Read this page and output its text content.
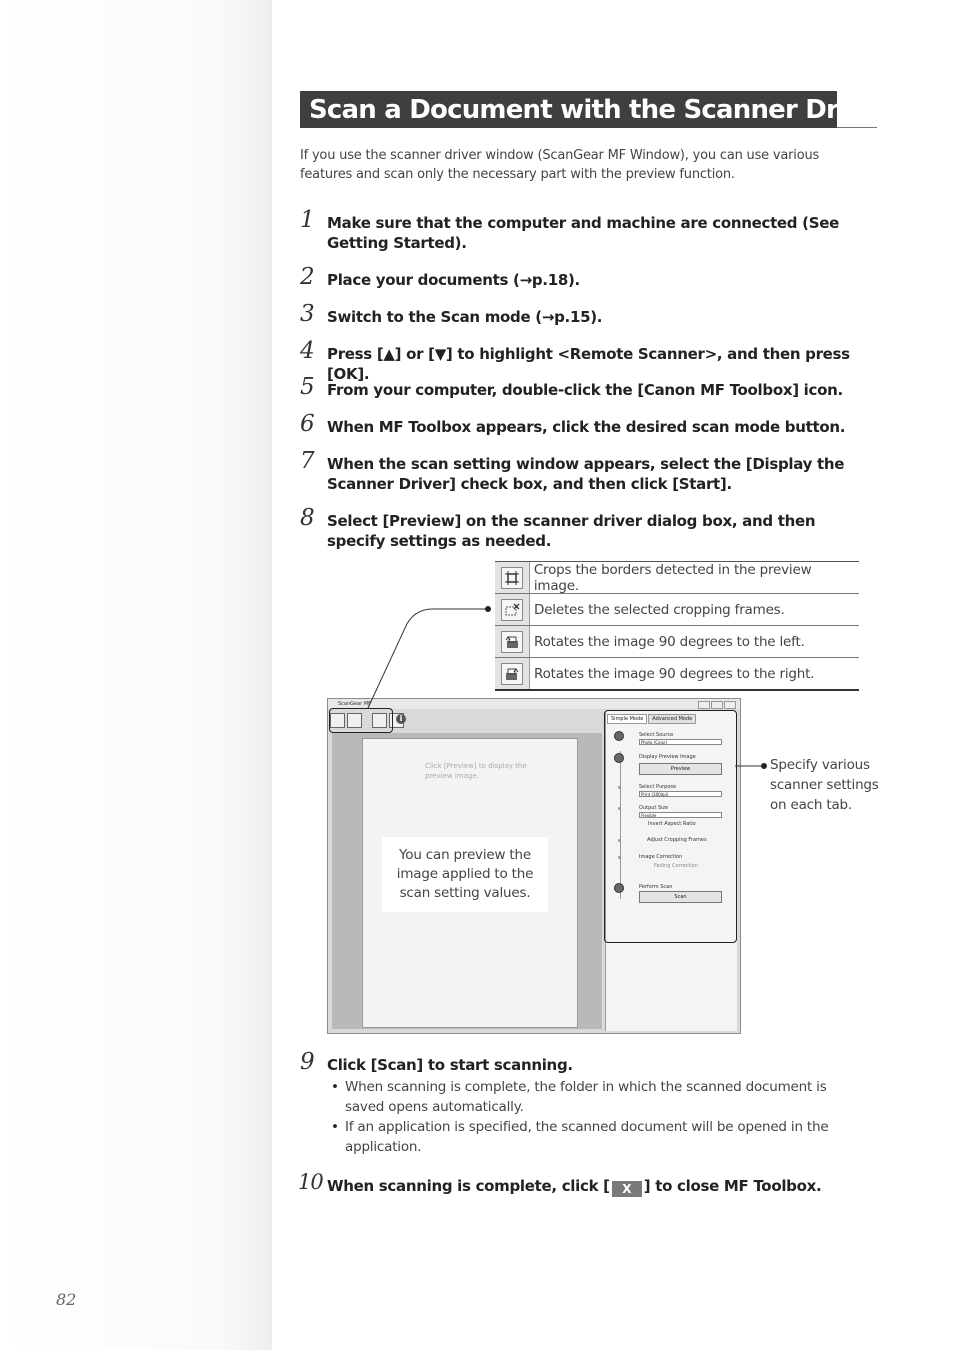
82
Scan a Document with the Scanner Driver
If you use the scanner driver window (ScanGear MF Window), you can use various features and scan only the necessary part with the preview function.
1 Make sure that the computer and machine are connected (See Getting Started).
2 Place your documents (→p.18).
3 Switch to the Scan mode (→p.15).
4 Press [▲] or [▼] to highlight <Remote Scanner>, and then press [OK].
5 From your computer, double-click the [Canon MF Toolbox] icon.
6 When MF Toolbox appears, click the desired scan mode button.
7 When the scan setting window appears, select the [Display the Scanner Driver] check box, and then click [Start].
8 Select [Preview] on the scanner driver dialog box, and then specify settings as needed.
Crops the borders detected in the preview image.
Deletes the selected cropping frames.
Rotates the image 90 degrees to the left.
Rotates the image 90 degrees to the right.
ScanGear MF
i
Click [Preview] to display the preview image.
Simple Mode	Advanced Mode
Select Source
Photo (Color)
Display Preview Image
Preview
Select Purpose
Print (300dpi)
Output Size
Flexible
Invert Aspect Ratio
Adjust Cropping Frames
Image Correction
Fading Correction
Perform Scan
Scan
You can preview the image applied to the scan setting values.
Specify various scanner settings on each tab.
9 Click [Scan] to start scanning.
• When scanning is complete, the folder in which the scanned document is saved opens automatically.
• If an application is specified, the scanned document will be opened in the application.
10 When scanning is complete, click [ X ] to close MF Toolbox.
